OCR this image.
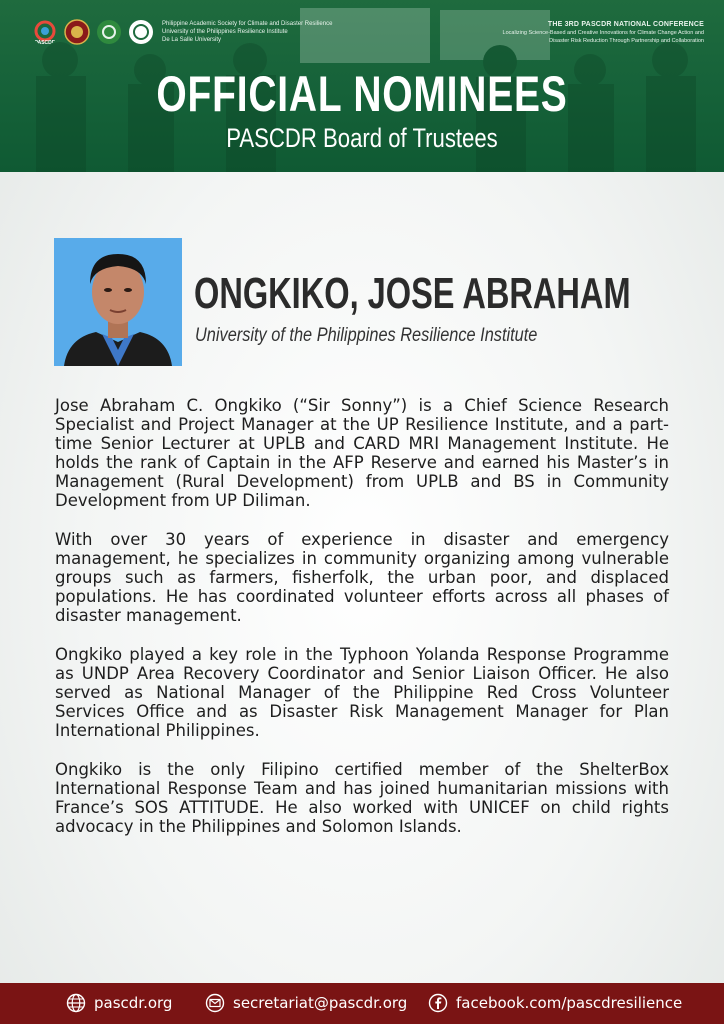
PASCDR
Philippine Academic Society for Climate and Disaster Resilience
University of the Philippines Resilience Institute
De La Salle University
THE 3RD PASCDR NATIONAL CONFERENCE
Localizing Science-Based and Creative Innovations for Climate Change Action and
Disaster Risk Reduction Through Partnership and Collaboration
OFFICIAL NOMINEES
PASCDR Board of Trustees
ONGKIKO, JOSE ABRAHAM
University of the Philippines Resilience Institute

Jose Abraham C. Ongkiko (“Sir Sonny”) is a Chief Science Research Specialist and Project Manager at the UP Resilience Institute, and a part-time Senior Lecturer at UPLB and CARD MRI Management Institute. He holds the rank of Captain in the AFP Reserve and earned his Master’s in Management (Rural Development) from UPLB and BS in Community Development from UP Diliman.

With over 30 years of experience in disaster and emergency management, he specializes in community organizing among vulnerable groups such as farmers, fisherfolk, the urban poor, and displaced populations. He has coordinated volunteer efforts across all phases of disaster management.

Ongkiko played a key role in the Typhoon Yolanda Response Programme as UNDP Area Recovery Coordinator and Senior Liaison Officer. He also served as National Manager of the Philippine Red Cross Volunteer Services Office and as Disaster Risk Management Manager for Plan International Philippines.

Ongkiko is the only Filipino certified member of the ShelterBox International Response Team and has joined humanitarian missions with France’s SOS ATTITUDE. He also worked with UNICEF on child rights advocacy in the Philippines and Solomon Islands.

pascdr.org	secretariat@pascdr.org	facebook.com/pascdresilience
